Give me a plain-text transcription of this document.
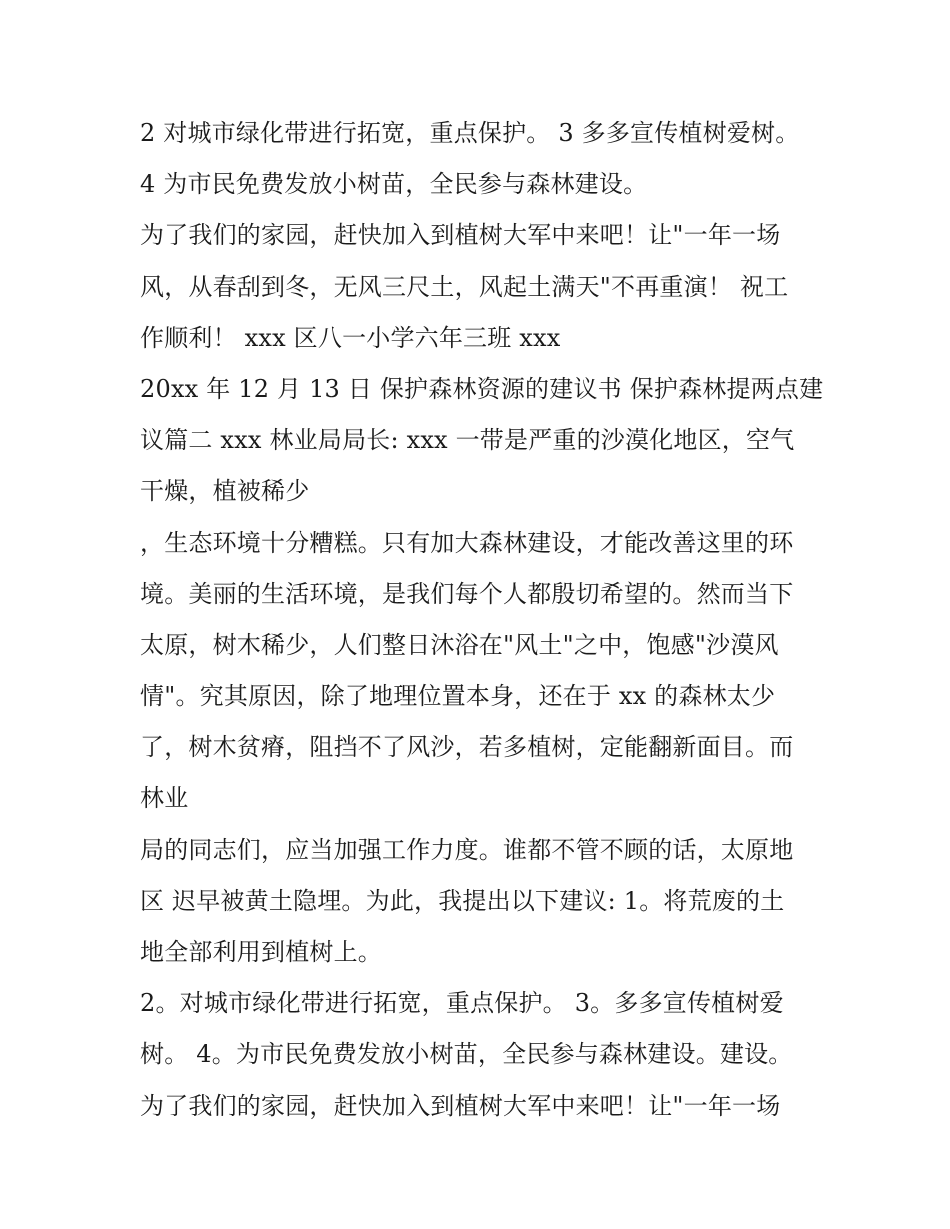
2 对城市绿化带进行拓宽，重点保护。 3 多多宣传植树爱树。
4 为市民免费发放小树苗，全民参与森林建设。
为了我们的家园，赶快加入到植树大军中来吧！让"一年一场
风，从春刮到冬，无风三尺土，风起土满天"不再重演！ 祝工
作顺利！ xxx 区八一小学六年三班 xxx
20xx 年 12 月 13 日 保护森林资源的建议书 保护森林提两点建
议篇二 xxx 林业局局长: xxx 一带是严重的沙漠化地区，空气
干燥，植被稀少
，生态环境十分糟糕。只有加大森林建设，才能改善这里的环
境。美丽的生活环境，是我们每个人都殷切希望的。然而当下
太原，树木稀少，人们整日沐浴在"风土"之中，饱感"沙漠风
情"。究其原因，除了地理位置本身，还在于 xx 的森林太少
了，树木贫瘠，阻挡不了风沙，若多植树，定能翻新面目。而
林业
局的同志们，应当加强工作力度。谁都不管不顾的话，太原地
区 迟早被黄土隐埋。为此，我提出以下建议: 1。将荒废的土
地全部利用到植树上。
2。对城市绿化带进行拓宽，重点保护。 3。多多宣传植树爱
树。 4。为市民免费发放小树苗，全民参与森林建设。建设。
为了我们的家园，赶快加入到植树大军中来吧！让"一年一场
